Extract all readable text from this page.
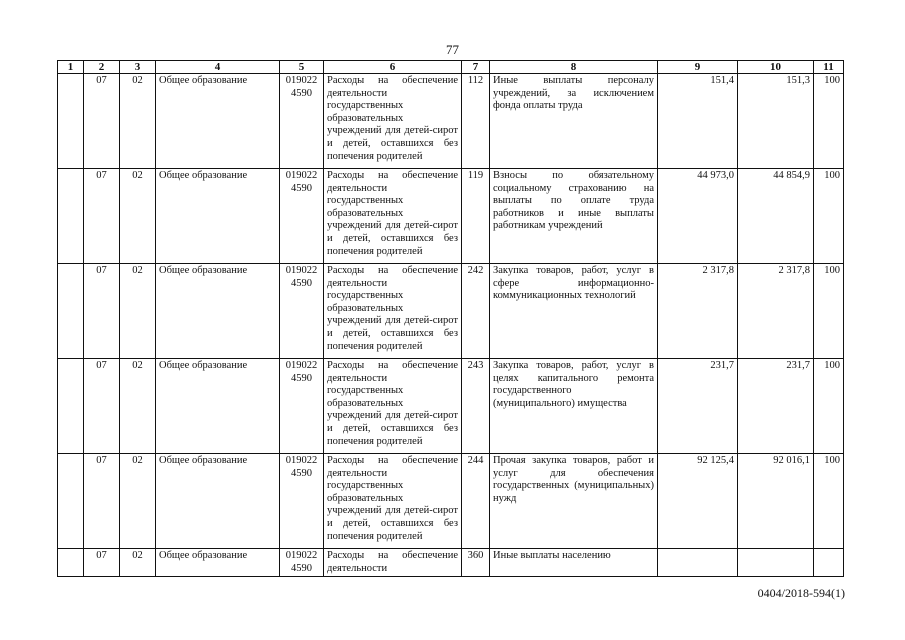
77
1	2	3	4	5	6	7	8	9	10	11
	07	02	Общее образование	019022 4590	Расходы на обеспечение деятельности государственных образовательных учреждений для детей-сирот и детей, оставшихся без попечения родителей	112	Иные выплаты персоналу учреждений, за исключением фонда оплаты труда	151,4	151,3	100
	07	02	Общее образование	019022 4590	Расходы на обеспечение деятельности государственных образовательных учреждений для детей-сирот и детей, оставшихся без попечения родителей	119	Взносы по обязательному социальному страхованию на выплаты по оплате труда работников и иные выплаты работникам учреждений	44 973,0	44 854,9	100
	07	02	Общее образование	019022 4590	Расходы на обеспечение деятельности государственных образовательных учреждений для детей-сирот и детей, оставшихся без попечения родителей	242	Закупка товаров, работ, услуг в сфере информационно-коммуникационных технологий	2 317,8	2 317,8	100
	07	02	Общее образование	019022 4590	Расходы на обеспечение деятельности государственных образовательных учреждений для детей-сирот и детей, оставшихся без попечения родителей	243	Закупка товаров, работ, услуг в целях капитального ремонта государственного (муниципального) имущества	231,7	231,7	100
	07	02	Общее образование	019022 4590	Расходы на обеспечение деятельности государственных образовательных учреждений для детей-сирот и детей, оставшихся без попечения родителей	244	Прочая закупка товаров, работ и услуг для обеспечения государственных (муниципальных) нужд	92 125,4	92 016,1	100
	07	02	Общее образование	019022 4590	Расходы на обеспечение деятельности	360	Иные выплаты населению			
0404/2018-594(1)
